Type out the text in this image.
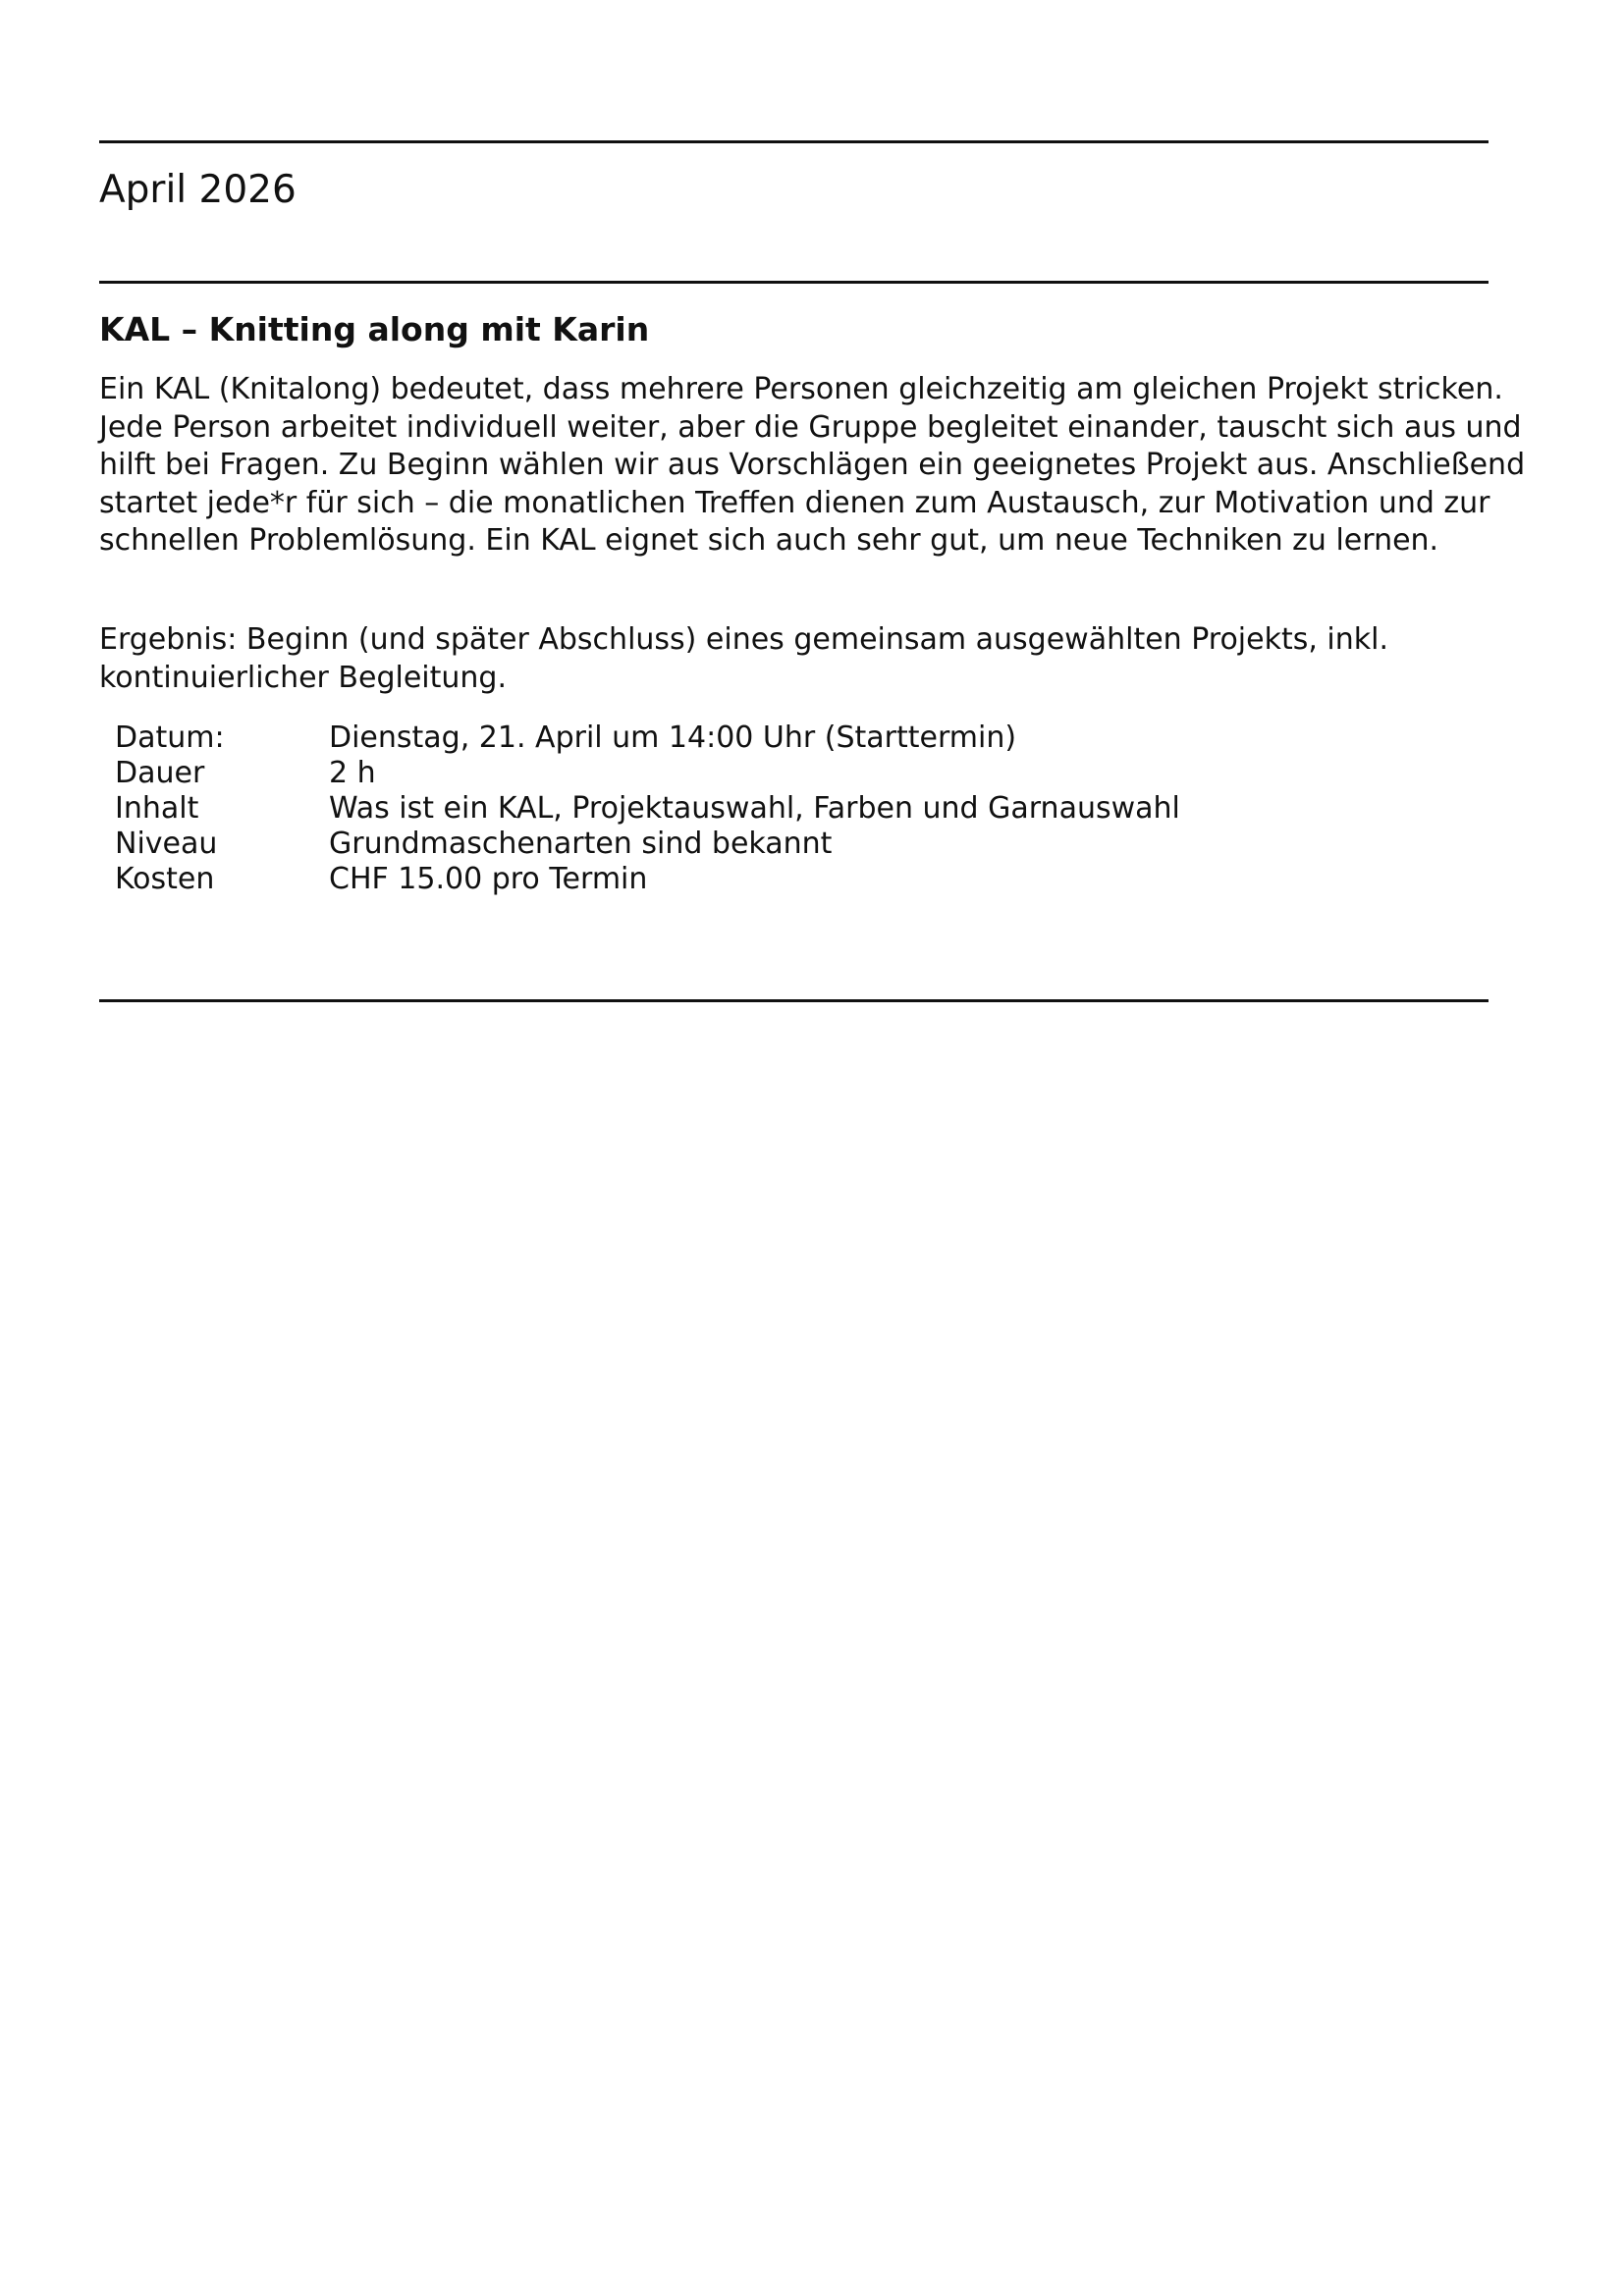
April 2026
KAL – Knitting along mit Karin

Ein KAL (Knitalong) bedeutet, dass mehrere Personen gleichzeitig am gleichen Projekt stricken. Jede Person arbeitet individuell weiter, aber die Gruppe begleitet einander, tauscht sich aus und hilft bei Fragen. Zu Beginn wählen wir aus Vorschlägen ein geeignetes Projekt aus. Anschließend startet jede*r für sich – die monatlichen Treffen dienen zum Austausch, zur Motivation und zur schnellen Problemlösung. Ein KAL eignet sich auch sehr gut, um neue Techniken zu lernen.

Ergebnis: Beginn (und später Abschluss) eines gemeinsam ausgewählten Projekts, inkl. kontinuierlicher Begleitung.

Datum:	Dienstag, 21. April um 14:00 Uhr (Starttermin)
Dauer	2 h
Inhalt	Was ist ein KAL, Projektauswahl, Farben und Garnauswahl
Niveau	Grundmaschenarten sind bekannt
Kosten	CHF 15.00 pro Termin
